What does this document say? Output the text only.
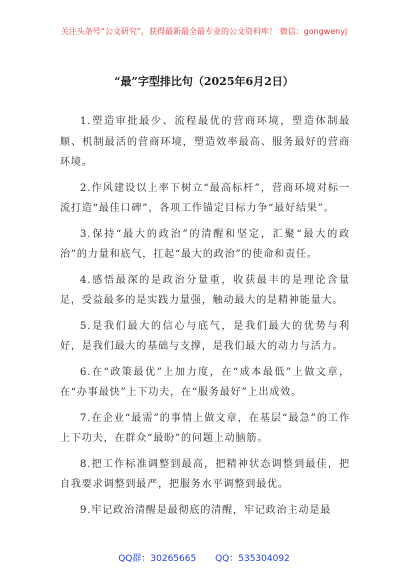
关注头条号“公文研究”，获得最新最全最专业的公文资料库！ 微信：gongwenyj
“最”字型排比句（2025年6月2日）

1.塑造审批最少、流程最优的营商环境，塑造体制最顺、机制最活的营商环境，塑造效率最高、服务最好的营商环境。

2.作风建设以上率下树立“最高标杆”，营商环境对标一流打造“最佳口碑”，各项工作锚定目标力争“最好结果”。

3.保持“最大的政治”的清醒和坚定，汇聚“最大的政治”的力量和底气，扛起“最大的政治”的使命和责任。

4.感悟最深的是政治分量重，收获最丰的是理论含量足，受益最多的是实践力量强，触动最大的是精神能量大。

5.是我们最大的信心与底气，是我们最大的优势与利好，是我们最大的基础与支撑，是我们最大的动力与活力。

6.在“政策最优”上加力度，在“成本最低”上做文章，在“办事最快”上下功夫，在“服务最好”上出成效。

7.在企业“最需”的事情上做文章，在基层“最急”的工作上下功夫，在群众“最盼”的问题上动脑筋。

8.把工作标准调整到最高，把精神状态调整到最佳，把自我要求调整到最严，把服务水平调整到最优。

9.牢记政治清醒是最彻底的清醒，牢记政治主动是最

QQ群：30265665 QQ：535304092
